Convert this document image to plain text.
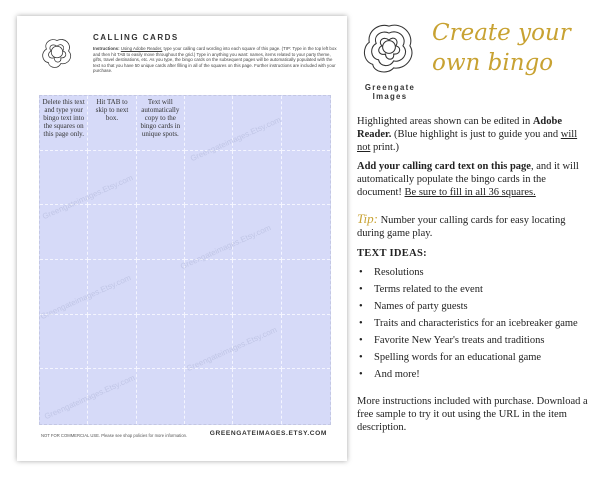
CALLING CARDS
Instructions: Using Adobe Reader, type your calling card wording into each square of this page. (TIP: Type in the top left box and then hit TAB to easily move throughout the grid.) Type in anything you want: names, items related to your party theme, gifts, travel destinations, etc. As you type, the bingo cards on the subsequent pages will be automatically populated with the text so that you have 50 unique cards after filling in all of the squares on this page. Further instructions are included with your purchase.
Delete this text and type your bingo text into the squares on this page only.
Hit TAB to skip to next box.
Text will automatically copy to the bingo cards in unique spots.
Greengateimages.Etsy.com
Greengateimages.Etsy.com
Greengateimages.Etsy.com
Greengateimages.Etsy.com
Greengateimages.Etsy.com
Greengateimages.Etsy.com
NOT FOR COMMERCIAL USE. Please see shop policies for more information.	GREENGATEIMAGES.ETSY.COM
Greengate Images
Create your own bingo
Highlighted areas shown can be edited in Adobe Reader. (Blue highlight is just to guide you and will not print.)
Add your calling card text on this page, and it will automatically populate the bingo cards in the document! Be sure to fill in all 36 squares.
Tip: Number your calling cards for easy locating during game play.
TEXT IDEAS:
• Resolutions
• Terms related to the event
• Names of party guests
• Traits and characteristics for an icebreaker game
• Favorite New Year's treats and traditions
• Spelling words for an educational game
• And more!
More instructions included with purchase. Download a free sample to try it out using the URL in the item description.
